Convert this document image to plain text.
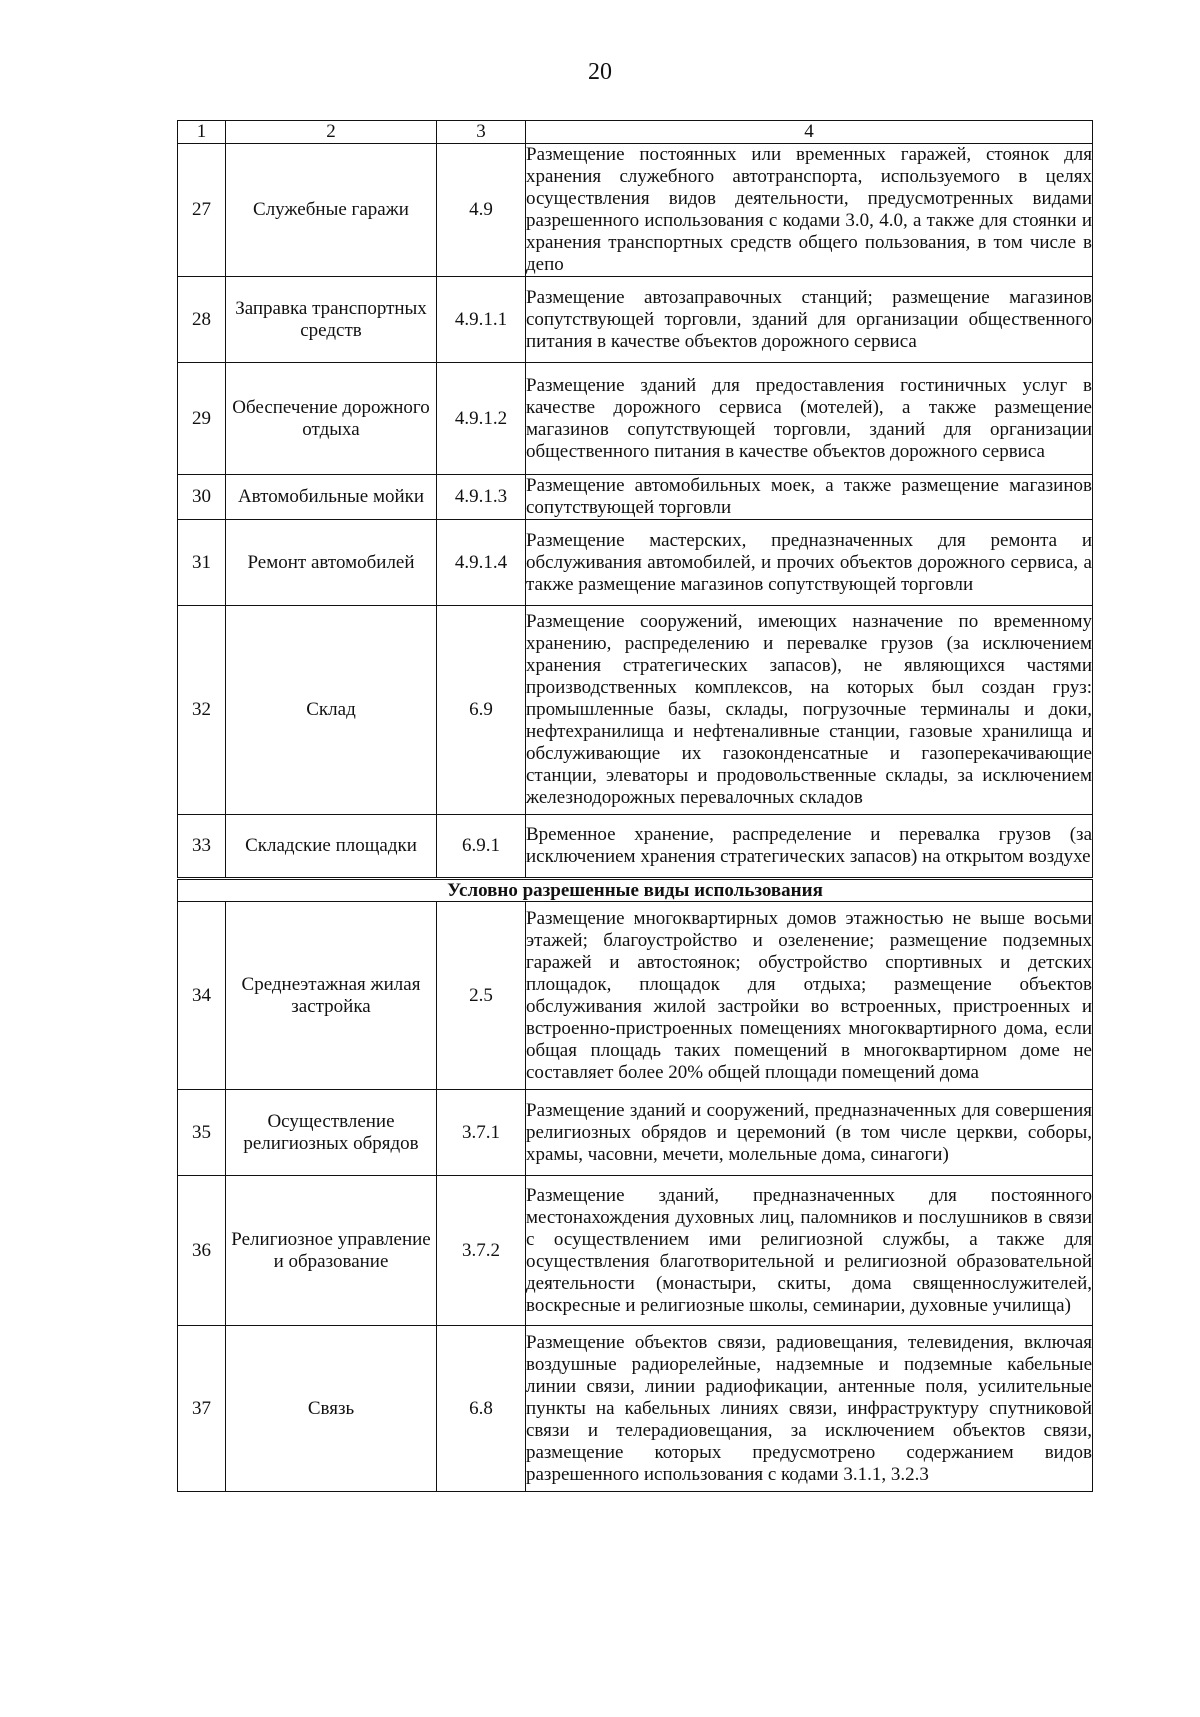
20
1	2	3	4
27	Служебные гаражи	4.9	Размещение постоянных или временных гаражей, стоянок для хранения служебного автотранспорта, используемого в целях осуществления видов деятельности, предусмотренных видами разрешенного использования с кодами 3.0, 4.0, а также для стоянки и хранения транспортных средств общего пользования, в том числе в депо
28	Заправка транспортных средств	4.9.1.1	Размещение автозаправочных станций; размещение магазинов сопутствующей торговли, зданий для организации общественного питания в качестве объектов дорожного сервиса
29	Обеспечение дорожного отдыха	4.9.1.2	Размещение зданий для предоставления гостиничных услуг в качестве дорожного сервиса (мотелей), а также размещение магазинов сопутствующей торговли, зданий для организации общественного питания в качестве объектов дорожного сервиса
30	Автомобильные мойки	4.9.1.3	Размещение автомобильных моек, а также размещение магазинов сопутствующей торговли
31	Ремонт автомобилей	4.9.1.4	Размещение мастерских, предназначенных для ремонта и обслуживания автомобилей, и прочих объектов дорожного сервиса, а также размещение магазинов сопутствующей торговли
32	Склад	6.9	Размещение сооружений, имеющих назначение по временному хранению, распределению и перевалке грузов (за исключением хранения стратегических запасов), не являющихся частями производственных комплексов, на которых был создан груз: промышленные базы, склады, погрузочные терминалы и доки, нефтехранилища и нефтеналивные станции, газовые хранилища и обслуживающие их газоконденсатные и газоперекачивающие станции, элеваторы и продовольственные склады, за исключением железнодорожных перевалочных складов
33	Складские площадки	6.9.1	Временное хранение, распределение и перевалка грузов (за исключением хранения стратегических запасов) на открытом воздухе
Условно разрешенные виды использования			
34	Среднеэтажная жилая застройка	2.5	Размещение многоквартирных домов этажностью не выше восьми этажей; благоустройство и озеленение; размещение подземных гаражей и автостоянок; обустройство спортивных и детских площадок, площадок для отдыха; размещение объектов обслуживания жилой застройки во встроенных, пристроенных и встроенно-пристроенных помещениях многоквартирного дома, если общая площадь таких помещений в многоквартирном доме не составляет более 20% общей площади помещений дома
35	Осуществление религиозных обрядов	3.7.1	Размещение зданий и сооружений, предназначенных для совершения религиозных обрядов и церемоний (в том числе церкви, соборы, храмы, часовни, мечети, молельные дома, синагоги)
36	Религиозное управление и образование	3.7.2	Размещение зданий, предназначенных для постоянного местонахождения духовных лиц, паломников и послушников в связи с осуществлением ими религиозной службы, а также для осуществления благотворительной и религиозной образовательной деятельности (монастыри, скиты, дома священнослужителей, воскресные и религиозные школы, семинарии, духовные училища)
37	Связь	6.8	Размещение объектов связи, радиовещания, телевидения, включая воздушные радиорелейные, надземные и подземные кабельные линии связи, линии радиофикации, антенные поля, усилительные пункты на кабельных линиях связи, инфраструктуру спутниковой связи и телерадиовещания, за исключением объектов связи, размещение которых предусмотрено содержанием видов разрешенного использования с кодами 3.1.1, 3.2.3
